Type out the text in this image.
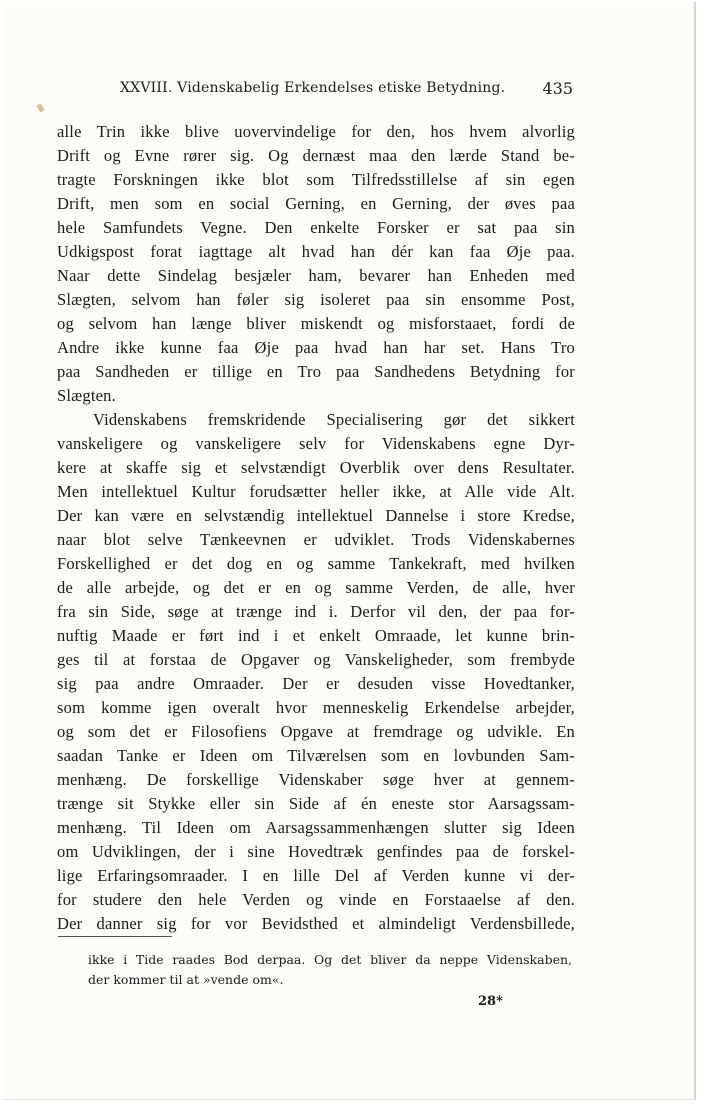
XXVIII. Videnskabelig Erkendelses etiske Betydning. 435
alle Trin ikke blive uovervindelige for den, hos hvem alvorlig
Drift og Evne rører sig. Og dernæst maa den lærde Stand be-
tragte Forskningen ikke blot som Tilfredsstillelse af sin egen
Drift, men som en social Gerning, en Gerning, der øves paa
hele Samfundets Vegne. Den enkelte Forsker er sat paa sin
Udkigspost forat iagttage alt hvad han dér kan faa Øje paa.
Naar dette Sindelag besjæler ham, bevarer han Enheden med
Slægten, selvom han føler sig isoleret paa sin ensomme Post,
og selvom han længe bliver miskendt og misforstaaet, fordi de
Andre ikke kunne faa Øje paa hvad han har set. Hans Tro
paa Sandheden er tillige en Tro paa Sandhedens Betydning for
Slægten.
Videnskabens fremskridende Specialisering gør det sikkert
vanskeligere og vanskeligere selv for Videnskabens egne Dyr-
kere at skaffe sig et selvstændigt Overblik over dens Resultater.
Men intellektuel Kultur forudsætter heller ikke, at Alle vide Alt.
Der kan være en selvstændig intellektuel Dannelse i store Kredse,
naar blot selve Tænkeevnen er udviklet. Trods Videnskabernes
Forskellighed er det dog en og samme Tankekraft, med hvilken
de alle arbejde, og det er en og samme Verden, de alle, hver
fra sin Side, søge at trænge ind i. Derfor vil den, der paa for-
nuftig Maade er ført ind i et enkelt Omraade, let kunne brin-
ges til at forstaa de Opgaver og Vanskeligheder, som frembyde
sig paa andre Omraader. Der er desuden visse Hovedtanker,
som komme igen overalt hvor menneskelig Erkendelse arbejder,
og som det er Filosofiens Opgave at fremdrage og udvikle. En
saadan Tanke er Ideen om Tilværelsen som en lovbunden Sam-
menhæng. De forskellige Videnskaber søge hver at gennem-
trænge sit Stykke eller sin Side af én eneste stor Aarsagssam-
menhæng. Til Ideen om Aarsagssammenhængen slutter sig Ideen
om Udviklingen, der i sine Hovedtræk genfindes paa de forskel-
lige Erfaringsomraader. I en lille Del af Verden kunne vi der-
for studere den hele Verden og vinde en Forstaaelse af den.
Der danner sig for vor Bevidsthed et almindeligt Verdensbillede,
ikke i Tide raades Bod derpaa. Og det bliver da neppe Videnskaben,
der kommer til at »vende om«.
28*
